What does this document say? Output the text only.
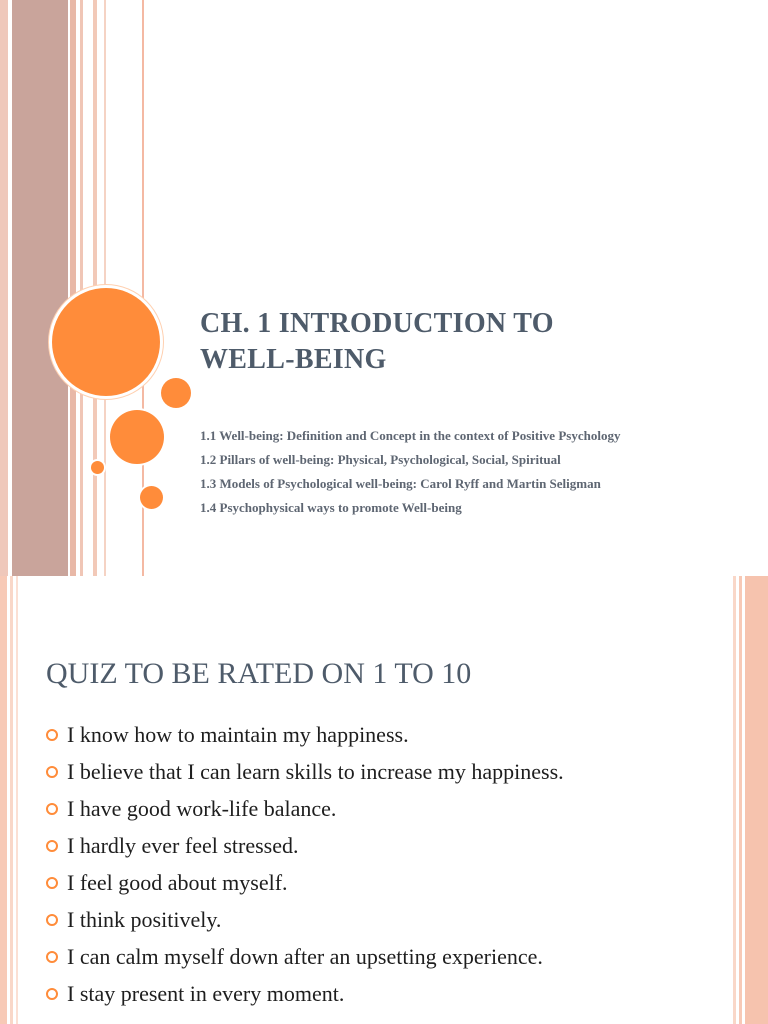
CH. 1 INTRODUCTION TO
WELL-BEING
1.1 Well-being: Definition and Concept in the context of Positive Psychology
1.2 Pillars of well-being: Physical, Psychological, Social, Spiritual
1.3 Models of Psychological well-being: Carol Ryff and Martin Seligman
1.4 Psychophysical ways to promote Well-being
QUIZ TO BE RATED ON 1 TO 10
I know how to maintain my happiness.
I believe that I can learn skills to increase my happiness.
I have good work-life balance.
I hardly ever feel stressed.
I feel good about myself.
I think positively.
I can calm myself down after an upsetting experience.
I stay present in every moment.
